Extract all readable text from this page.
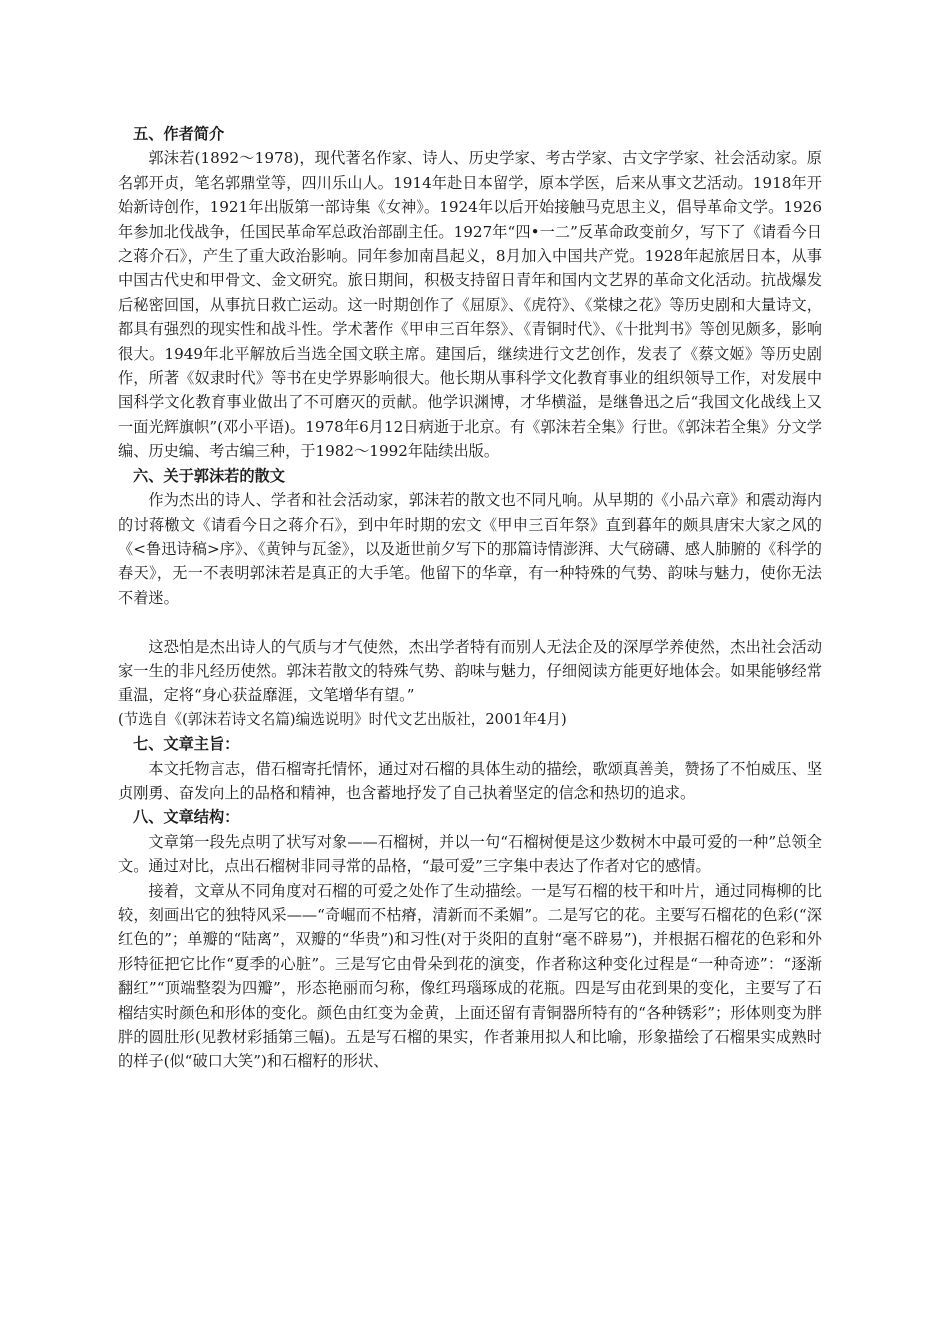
五、作者简介

郭沫若(1892～1978)，现代著名作家、诗人、历史学家、考古学家、古文字学家、社会活动家。原名郭开贞，笔名郭鼎堂等，四川乐山人。1914年赴日本留学，原本学医，后来从事文艺活动。1918年开始新诗创作，1921年出版第一部诗集《女神》。1924年以后开始接触马克思主义，倡导革命文学。1926年参加北伐战争，任国民革命军总政治部副主任。1927年“四•一二”反革命政变前夕，写下了《请看今日之蒋介石》，产生了重大政治影响。同年参加南昌起义，8月加入中国共产党。1928年起旅居日本，从事中国古代史和甲骨文、金文研究。旅日期间，积极支持留日青年和国内文艺界的革命文化活动。抗战爆发后秘密回国，从事抗日救亡运动。这一时期创作了《屈原》、《虎符》、《棠棣之花》等历史剧和大量诗文，都具有强烈的现实性和战斗性。学术著作《甲申三百年祭》、《青铜时代》、《十批判书》等创见颇多，影响很大。1949年北平解放后当选全国文联主席。建国后，继续进行文艺创作，发表了《蔡文姬》等历史剧作，所著《奴隶时代》等书在史学界影响很大。他长期从事科学文化教育事业的组织领导工作，对发展中国科学文化教育事业做出了不可磨灭的贡献。他学识渊博，才华横溢，是继鲁迅之后“我国文化战线上又一面光辉旗帜”(邓小平语)。1978年6月12日病逝于北京。有《郭沫若全集》行世。《郭沫若全集》分文学编、历史编、考古编三种，于1982～1992年陆续出版。

六、关于郭沫若的散文

作为杰出的诗人、学者和社会活动家，郭沫若的散文也不同凡响。从早期的《小品六章》和震动海内的讨蒋檄文《请看今日之蒋介石》，到中年时期的宏文《甲申三百年祭》直到暮年的颇具唐宋大家之风的《<鲁迅诗稿>序》、《黄钟与瓦釜》，以及逝世前夕写下的那篇诗情澎湃、大气磅礴、感人肺腑的《科学的春天》，无一不表明郭沫若是真正的大手笔。他留下的华章，有一种特殊的气势、韵味与魅力，使你无法不着迷。

这恐怕是杰出诗人的气质与才气使然，杰出学者特有而别人无法企及的深厚学养使然，杰出社会活动家一生的非凡经历使然。郭沫若散文的特殊气势、韵味与魅力，仔细阅读方能更好地体会。如果能够经常重温，定将“身心获益靡涯，文笔增华有望。”

(节选自《(郭沫若诗文名篇)编选说明》时代文艺出版社，2001年4月)

七、文章主旨：

本文托物言志，借石榴寄托情怀，通过对石榴的具体生动的描绘，歌颂真善美，赞扬了不怕威压、坚贞刚勇、奋发向上的品格和精神，也含蓄地抒发了自己执着坚定的信念和热切的追求。

八、文章结构：

文章第一段先点明了状写对象——石榴树，并以一句“石榴树便是这少数树木中最可爱的一种”总领全文。通过对比，点出石榴树非同寻常的品格，“最可爱”三字集中表达了作者对它的感情。

接着，文章从不同角度对石榴的可爱之处作了生动描绘。一是写石榴的枝干和叶片，通过同梅柳的比较，刻画出它的独特风采——“奇崛而不枯瘠，清新而不柔媚”。二是写它的花。主要写石榴花的色彩(“深红色的”；单瓣的“陆离”，双瓣的“华贵”)和习性(对于炎阳的直射“毫不辟易”)，并根据石榴花的色彩和外形特征把它比作“夏季的心脏”。三是写它由骨朵到花的演变，作者称这种变化过程是“一种奇迹”：“逐渐翻红”“顶端整裂为四瓣”，形态艳丽而匀称，像红玛瑙琢成的花瓶。四是写由花到果的变化，主要写了石榴结实时颜色和形体的变化。颜色由红变为金黄，上面还留有青铜器所特有的“各种锈彩”；形体则变为胖胖的圆肚形(见教材彩插第三幅)。五是写石榴的果实，作者兼用拟人和比喻，形象描绘了石榴果实成熟时的样子(似“破口大笑”)和石榴籽的形状、
